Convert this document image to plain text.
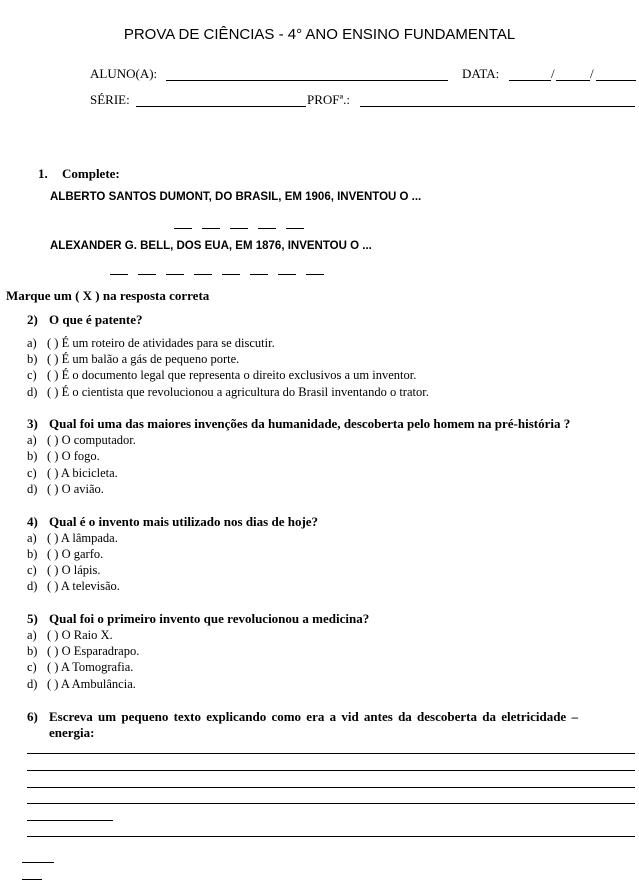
PROVA DE CIÊNCIAS - 4° ANO ENSINO FUNDAMENTAL
ALUNO(A):	DATA:	/	/
SÉRIE:	PROFª.:
1. Complete:
ALBERTO SANTOS DUMONT, DO BRASIL, EM 1906, INVENTOU O ...
ALEXANDER G. BELL, DOS EUA, EM 1876, INVENTOU O ...
Marque um ( X ) na resposta correta
2) O que é patente?
a) ( ) É um roteiro de atividades para se discutir.
b) ( ) É um balão a gás de pequeno porte.
c) ( ) É o documento legal que representa o direito exclusivos a um inventor.
d) ( ) É o cientista que revolucionou a agricultura do Brasil inventando o trator.
3) Qual foi uma das maiores invenções da humanidade, descoberta pelo homem na pré-história ?
a) ( ) O computador.
b) ( ) O fogo.
c) ( ) A bicicleta.
d) ( ) O avião.
4) Qual é o invento mais utilizado nos dias de hoje?
a) ( ) A lâmpada.
b) ( ) O garfo.
c) ( ) O lápis.
d) ( ) A televisão.
5) Qual foi o primeiro invento que revolucionou a medicina?
a) ( ) O Raio X.
b) ( ) O Esparadrapo.
c) ( ) A Tomografia.
d) ( ) A Ambulância.
6) Escreva um pequeno texto explicando como era a vid antes da descoberta da eletricidade –
energia:
